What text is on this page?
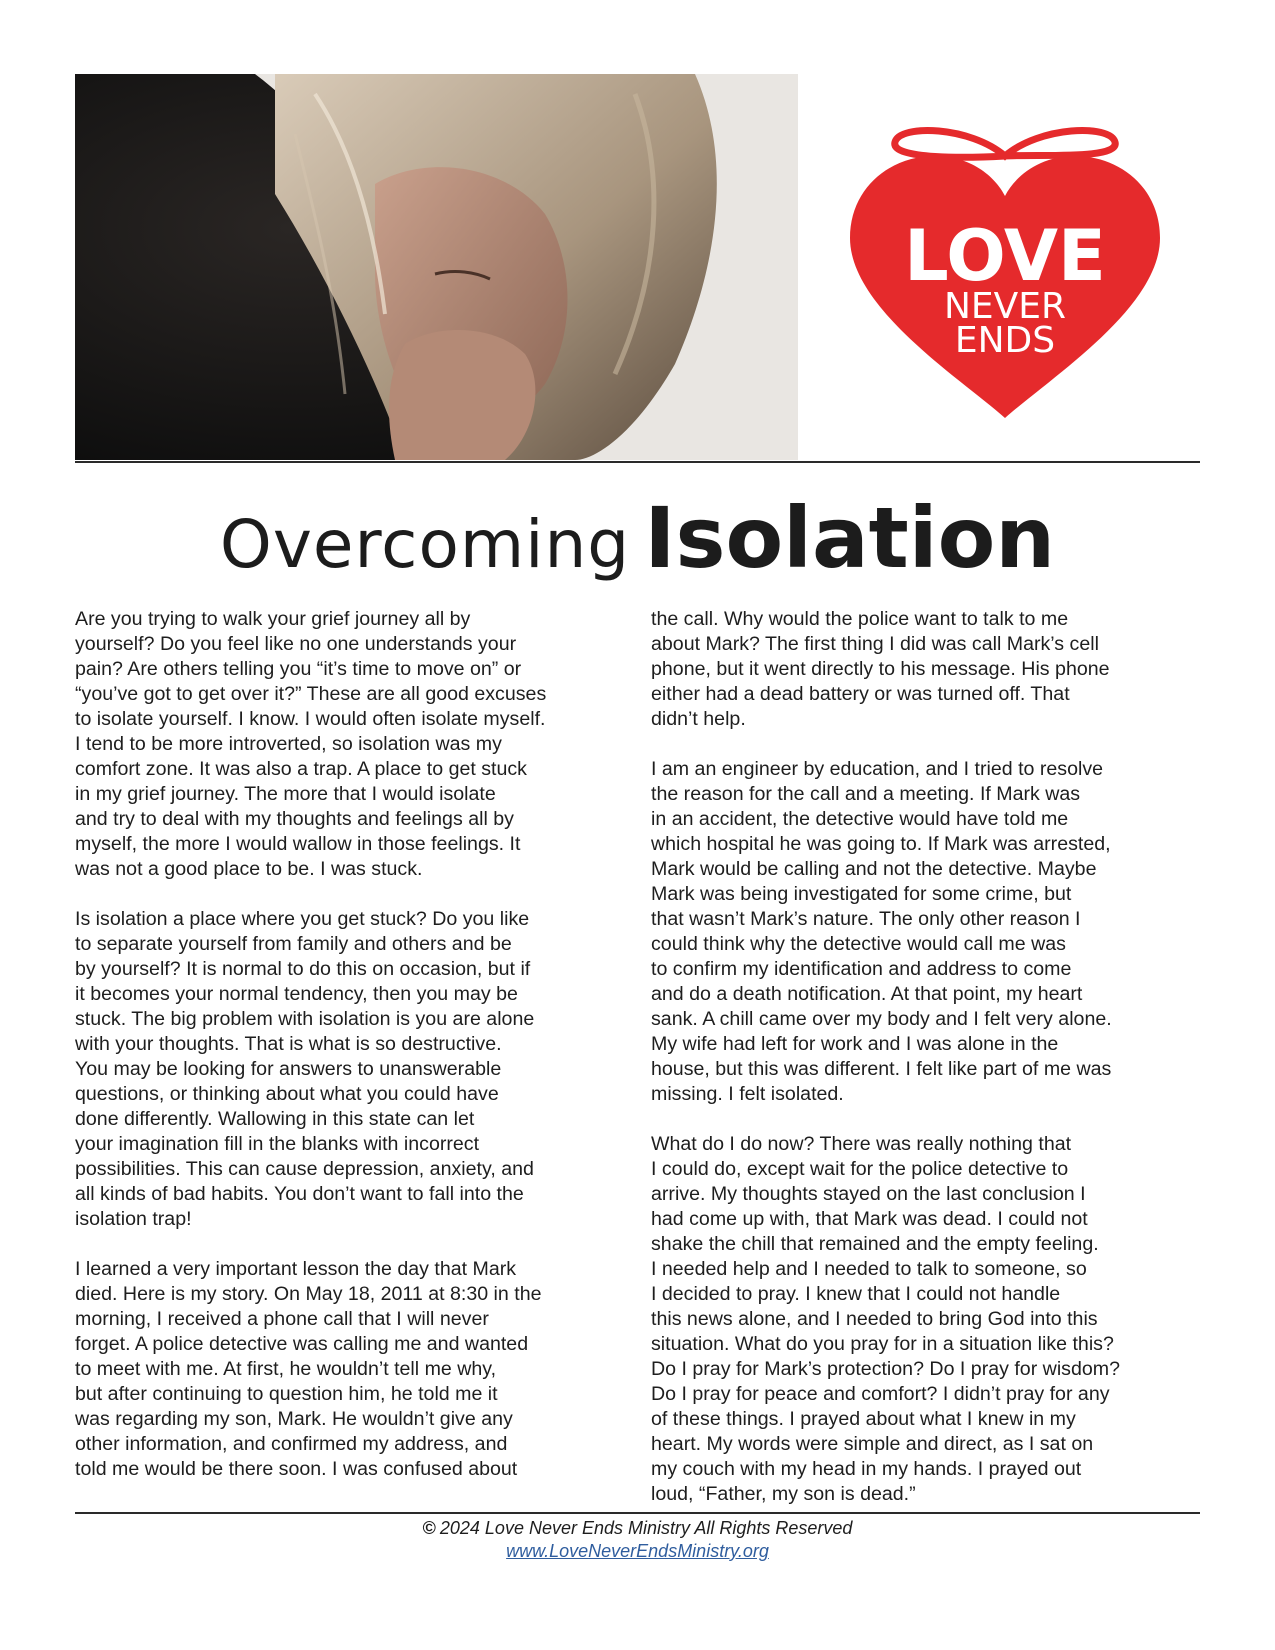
LOVE
NEVER
ENDS
Overcoming Isolation
Are you trying to walk your grief journey all by
yourself? Do you feel like no one understands your
pain? Are others telling you “it’s time to move on” or
“you’ve got to get over it?” These are all good excuses
to isolate yourself. I know. I would often isolate myself.
I tend to be more introverted, so isolation was my
comfort zone. It was also a trap. A place to get stuck
in my grief journey. The more that I would isolate
and try to deal with my thoughts and feelings all by
myself, the more I would wallow in those feelings. It
was not a good place to be. I was stuck.
Is isolation a place where you get stuck? Do you like
to separate yourself from family and others and be
by yourself? It is normal to do this on occasion, but if
it becomes your normal tendency, then you may be
stuck. The big problem with isolation is you are alone
with your thoughts. That is what is so destructive.
You may be looking for answers to unanswerable
questions, or thinking about what you could have
done differently. Wallowing in this state can let
your imagination fill in the blanks with incorrect
possibilities. This can cause depression, anxiety, and
all kinds of bad habits. You don’t want to fall into the
isolation trap!
I learned a very important lesson the day that Mark
died. Here is my story. On May 18, 2011 at 8:30 in the
morning, I received a phone call that I will never
forget. A police detective was calling me and wanted
to meet with me. At first, he wouldn’t tell me why,
but after continuing to question him, he told me it
was regarding my son, Mark. He wouldn’t give any
other information, and confirmed my address, and
told me would be there soon. I was confused about
the call. Why would the police want to talk to me
about Mark? The first thing I did was call Mark’s cell
phone, but it went directly to his message. His phone
either had a dead battery or was turned off. That
didn’t help.
I am an engineer by education, and I tried to resolve
the reason for the call and a meeting. If Mark was
in an accident, the detective would have told me
which hospital he was going to. If Mark was arrested,
Mark would be calling and not the detective. Maybe
Mark was being investigated for some crime, but
that wasn’t Mark’s nature. The only other reason I
could think why the detective would call me was
to confirm my identification and address to come
and do a death notification. At that point, my heart
sank. A chill came over my body and I felt very alone.
My wife had left for work and I was alone in the
house, but this was different. I felt like part of me was
missing. I felt isolated.
What do I do now? There was really nothing that
I could do, except wait for the police detective to
arrive. My thoughts stayed on the last conclusion I
had come up with, that Mark was dead. I could not
shake the chill that remained and the empty feeling.
I needed help and I needed to talk to someone, so
I decided to pray. I knew that I could not handle
this news alone, and I needed to bring God into this
situation. What do you pray for in a situation like this?
Do I pray for Mark’s protection? Do I pray for wisdom?
Do I pray for peace and comfort? I didn’t pray for any
of these things. I prayed about what I knew in my
heart. My words were simple and direct, as I sat on
my couch with my head in my hands. I prayed out
loud, “Father, my son is dead.”
© 2024 Love Never Ends Ministry All Rights Reserved
www.LoveNeverEndsMinistry.org
